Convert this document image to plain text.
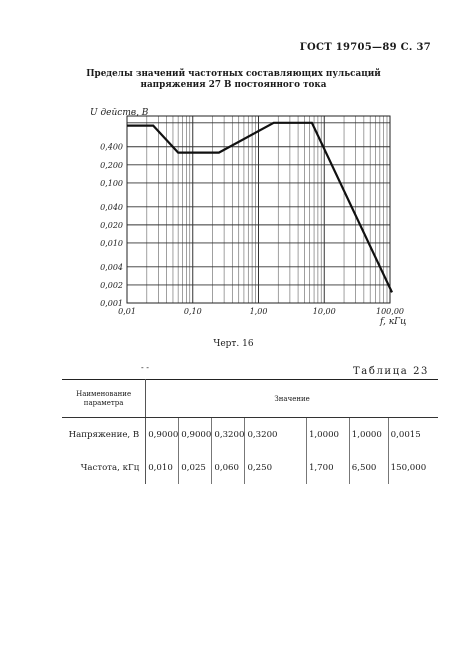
ГОСТ 19705—89 С. 37
Пределы значений частотных составляющих пульсаций
напряжения 27 В постоянного тока
0,001
0,002
0,004
0,010
0,020
0,040
0,100
0,200
0,400
0,01	0,10	1,00	10,00	100,00
U действ, В
f, кГц
Черт. 16
- -	Таблица 23
Наименование параметра	Значение						
Напряжение, В	0,9000	0,9000	0,3200	0,3200	1,0000	1,0000	0,0015
Частота, кГц	0,010	0,025	0,060	0,250	1,700	6,500	150,000
